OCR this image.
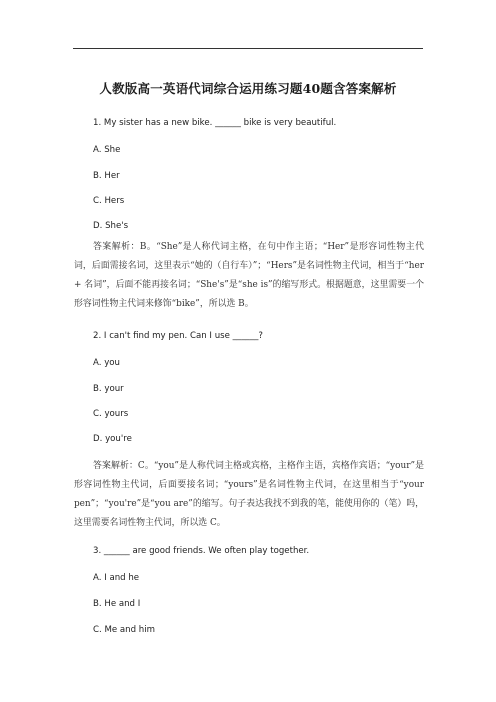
人教版高一英语代词综合运用练习题40题含答案解析
1. My sister has a new bike. ______ bike is very beautiful.
A. She
B. Her
C. Hers
D. She's
答案解析：B。“She”是人称代词主格，在句中作主语；“Her”是形容词性物主代词，后面需接名词，这里表示“她的（自行车）”；“Hers”是名词性物主代词，相当于“her + 名词”，后面不能再接名词；“She's”是“she is”的缩写形式。根据题意，这里需要一个形容词性物主代词来修饰“bike”，所以选 B。
2. I can't find my pen. Can I use ______?
A. you
B. your
C. yours
D. you're
答案解析：C。“you”是人称代词主格或宾格，主格作主语，宾格作宾语；“your”是形容词性物主代词，后面要接名词；“yours”是名词性物主代词，在这里相当于“your pen”；“you're”是“you are”的缩写。句子表达我找不到我的笔，能使用你的（笔）吗，这里需要名词性物主代词，所以选 C。
3. ______ are good friends. We often play together.
A. I and he
B. He and I
C. Me and him
